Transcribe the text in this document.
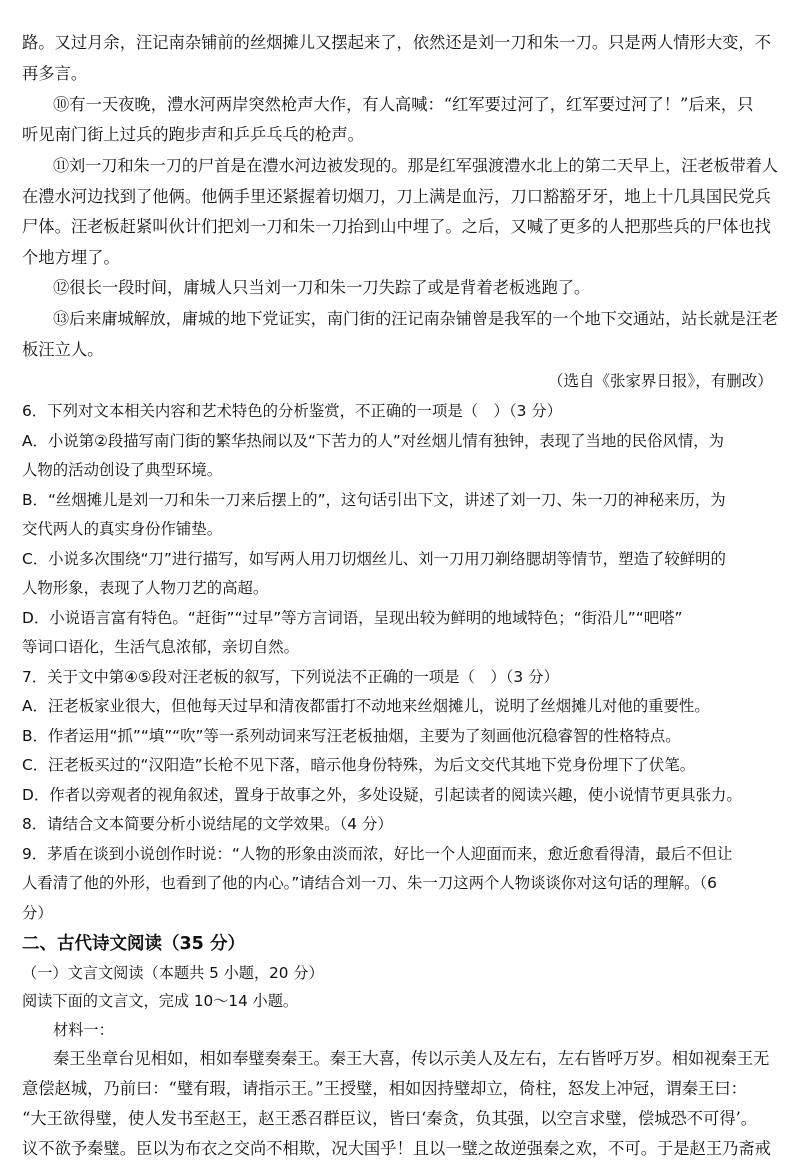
路。又过月余，汪记南杂铺前的丝烟摊儿又摆起来了，依然还是刘一刀和朱一刀。只是两人情形大变，不
再多言。
⑩有一天夜晚，澧水河两岸突然枪声大作，有人高喊：“红军要过河了，红军要过河了！”后来，只
听见南门街上过兵的跑步声和乒乒乓乓的枪声。
⑪刘一刀和朱一刀的尸首是在澧水河边被发现的。那是红军强渡澧水北上的第二天早上，汪老板带着人
在澧水河边找到了他俩。他俩手里还紧握着切烟刀，刀上满是血污，刀口豁豁牙牙，地上十几具国民党兵
尸体。汪老板赶紧叫伙计们把刘一刀和朱一刀抬到山中埋了。之后，又喊了更多的人把那些兵的尸体也找
个地方埋了。
⑫很长一段时间，庸城人只当刘一刀和朱一刀失踪了或是背着老板逃跑了。
⑬后来庸城解放，庸城的地下党证实，南门街的汪记南杂铺曾是我军的一个地下交通站，站长就是汪老
板汪立人。
（选自《张家界日报》，有删改）
6．下列对文本相关内容和艺术特色的分析鉴赏，不正确的一项是（　）（3 分）
A．小说第②段描写南门街的繁华热闹以及“下苦力的人”对丝烟儿情有独钟，表现了当地的民俗风情，为
人物的活动创设了典型环境。
B．“丝烟摊儿是刘一刀和朱一刀来后摆上的”，这句话引出下文，讲述了刘一刀、朱一刀的神秘来历，为
交代两人的真实身份作铺垫。
C．小说多次围绕“刀”进行描写，如写两人用刀切烟丝儿、刘一刀用刀剃络腮胡等情节，塑造了较鲜明的
人物形象，表现了人物刀艺的高超。
D．小说语言富有特色。“赶街”“过早”等方言词语，呈现出较为鲜明的地域特色；“街沿儿”“吧嗒”
等词口语化，生活气息浓郁，亲切自然。
7．关于文中第④⑤段对汪老板的叙写，下列说法不正确的一项是（　）（3 分）
A．汪老板家业很大，但他每天过早和清夜都雷打不动地来丝烟摊儿，说明了丝烟摊儿对他的重要性。
B．作者运用“抓”“填”“吹”等一系列动词来写汪老板抽烟，主要为了刻画他沉稳睿智的性格特点。
C．汪老板买过的“汉阳造”长枪不见下落，暗示他身份特殊，为后文交代其地下党身份埋下了伏笔。
D．作者以旁观者的视角叙述，置身于故事之外，多处设疑，引起读者的阅读兴趣，使小说情节更具张力。
8．请结合文本简要分析小说结尾的文学效果。（4 分）
9．茅盾在谈到小说创作时说：“人物的形象由淡而浓，好比一个人迎面而来，愈近愈看得清，最后不但让
人看清了他的外形，也看到了他的内心。”请结合刘一刀、朱一刀这两个人物谈谈你对这句话的理解。（6
分）
二、古代诗文阅读（35 分）
（一）文言文阅读（本题共 5 小题，20 分）
阅读下面的文言文，完成 10～14 小题。
材料一：
秦王坐章台见相如，相如奉璧奏秦王。秦王大喜，传以示美人及左右，左右皆呼万岁。相如视秦王无
意偿赵城，乃前曰：“璧有瑕，请指示王。”王授璧，相如因持璧却立，倚柱，怒发上冲冠，谓秦王曰：
“大王欲得璧，使人发书至赵王，赵王悉召群臣议，皆曰‘秦贪，负其强，以空言求璧，偿城恐不可得’。
议不欲予秦璧。臣以为布衣之交尚不相欺，况大国乎！且以一璧之故逆强秦之欢，不可。于是赵王乃斋戒
